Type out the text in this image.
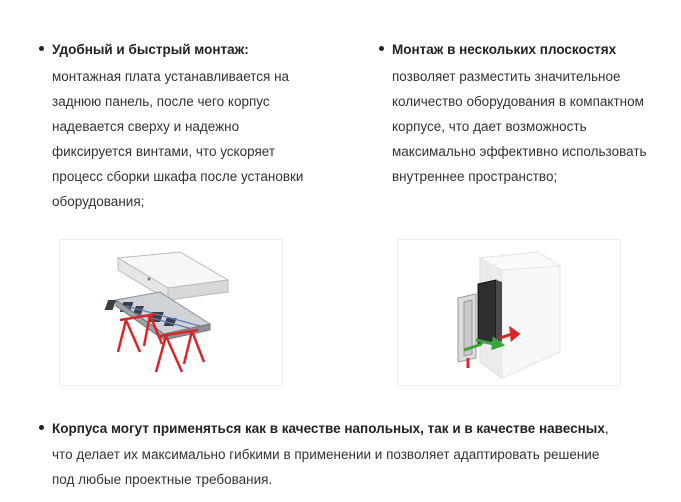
Удобный и быстрый монтаж:
монтажная плата устанавливается на
заднюю панель, после чего корпус
надевается сверху и надежно
фиксируется винтами, что ускоряет
процесс сборки шкафа после установки
оборудования;
Монтаж в нескольких плоскостях
позволяет разместить значительное
количество оборудования в компактном
корпусе, что дает возможность
максимально эффективно использовать
внутреннее пространство;
Корпуса могут применяться как в качестве напольных, так и в качестве навесных,
что делает их максимально гибкими в применении и позволяет адаптировать решение
под любые проектные требования.
